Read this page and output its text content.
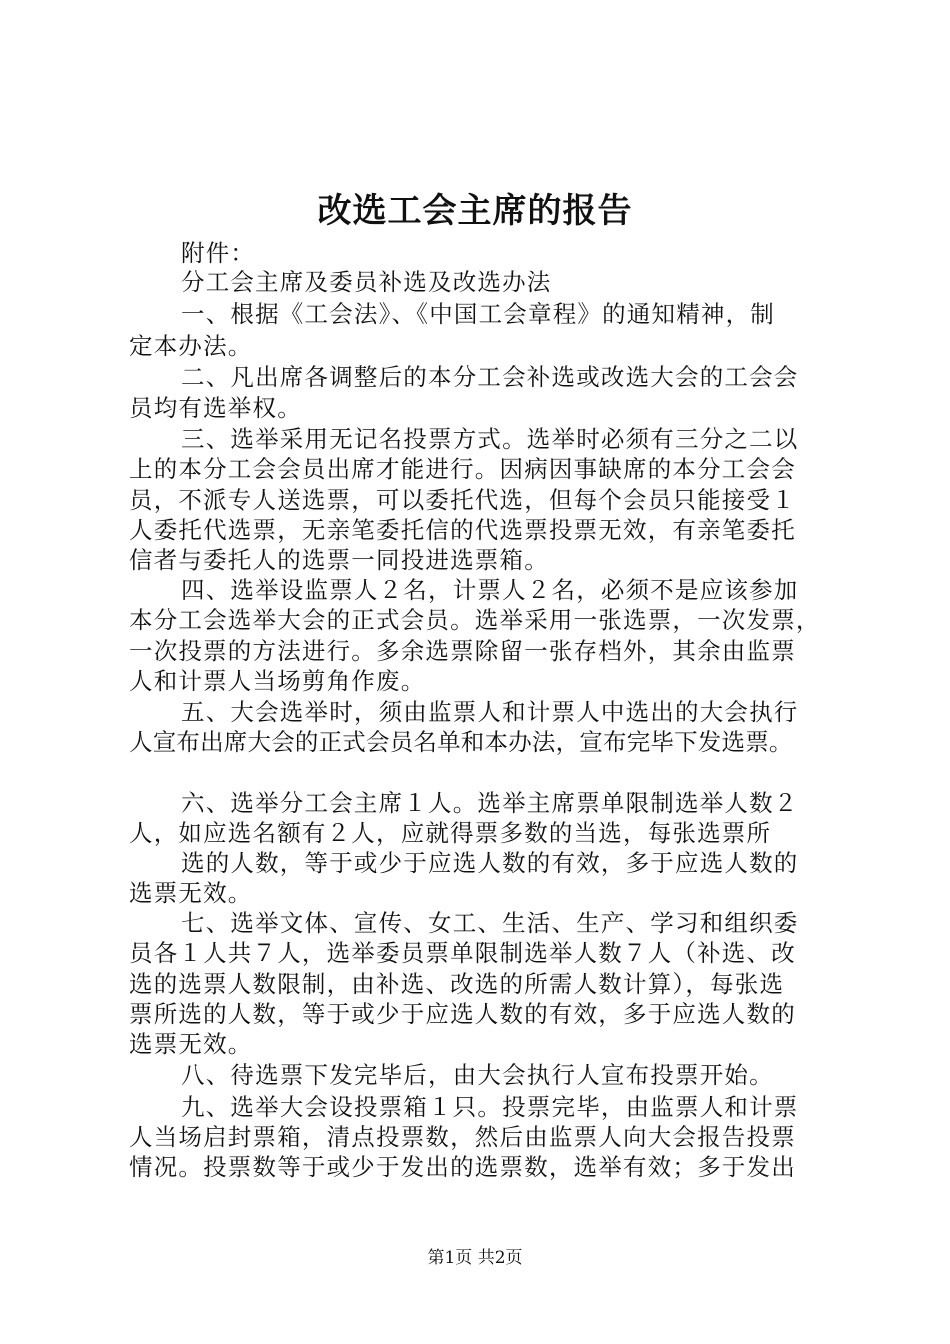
改选工会主席的报告
附件：
分工会主席及委员补选及改选办法
一、根据《工会法》、《中国工会章程》的通知精神，制
定本办法。
二、凡出席各调整后的本分工会补选或改选大会的工会会
员均有选举权。
三、选举采用无记名投票方式。选举时必须有三分之二以
上的本分工会会员出席才能进行。因病因事缺席的本分工会会
员，不派专人送选票，可以委托代选，但每个会员只能接受１
人委托代选票，无亲笔委托信的代选票投票无效，有亲笔委托
信者与委托人的选票一同投进选票箱。
四、选举设监票人２名，计票人２名，必须不是应该参加
本分工会选举大会的正式会员。选举采用一张选票，一次发票，
一次投票的方法进行。多余选票除留一张存档外，其余由监票
人和计票人当场剪角作废。
五、大会选举时，须由监票人和计票人中选出的大会执行
人宣布出席大会的正式会员名单和本办法，宣布完毕下发选票。
六、选举分工会主席１人。选举主席票单限制选举人数２
人，如应选名额有２人，应就得票多数的当选，每张选票所
选的人数，等于或少于应选人数的有效，多于应选人数的
选票无效。
七、选举文体、宣传、女工、生活、生产、学习和组织委
员各１人共７人，选举委员票单限制选举人数７人（补选、改
选的选票人数限制，由补选、改选的所需人数计算），每张选
票所选的人数，等于或少于应选人数的有效，多于应选人数的
选票无效。
八、待选票下发完毕后，由大会执行人宣布投票开始。
九、选举大会设投票箱１只。投票完毕，由监票人和计票
人当场启封票箱，清点投票数，然后由监票人向大会报告投票
情况。投票数等于或少于发出的选票数，选举有效；多于发出
第1页 共2页
